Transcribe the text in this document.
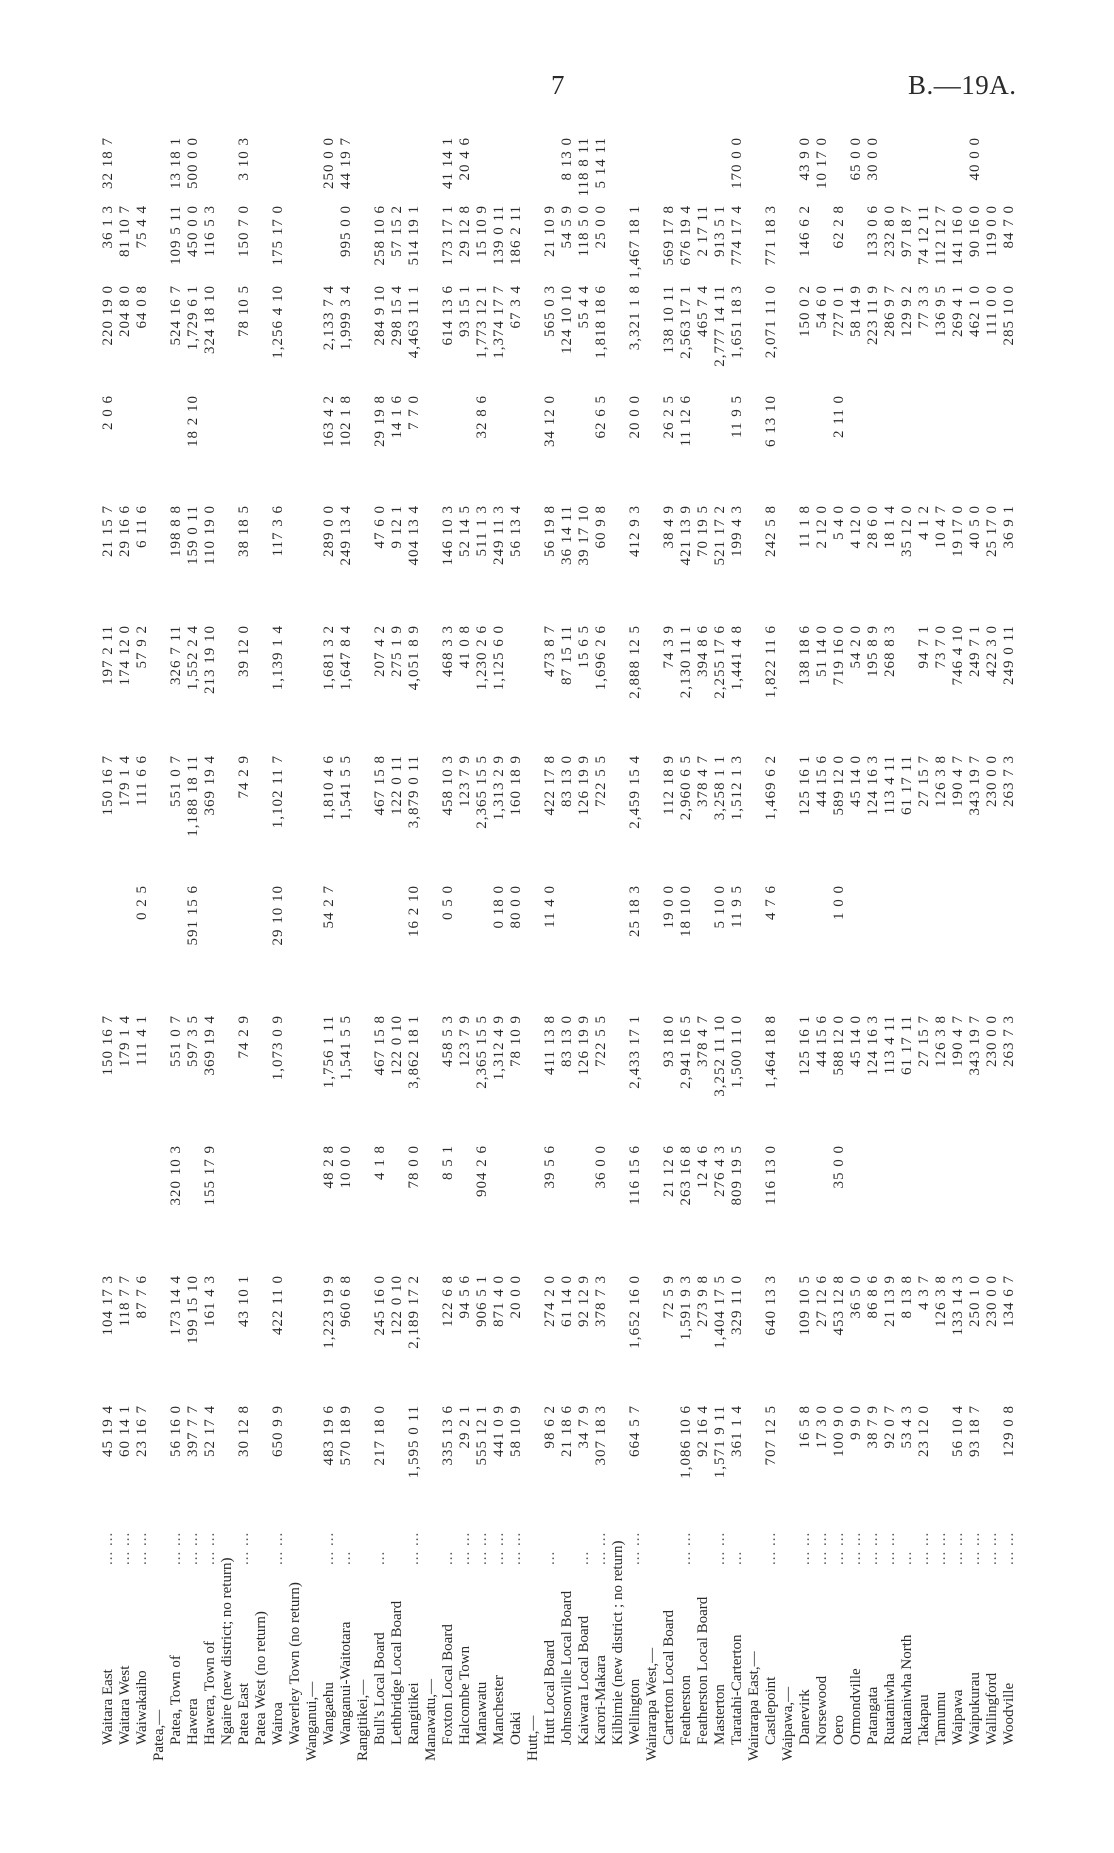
7	B.—19A.
Waitara East
... ...
45 19 4
104 17 3
150 16 7
150 16 7
197 2 11
21 15 7
2 0 6
220 19 0
36 1 3
32 18 7
Waitara West
... ...
60 14 1
118 7 7
179 1 4
179 1 4
174 12 0
29 16 6
204 8 0
81 10 7
Waiwakaiho
... ...
23 16 7
87 7 6
111 4 1
0 2 5
111 6 6
57 9 2
6 11 6
64 0 8
75 4 4
Patea,— Patea, Town of
... ...
56 16 0
173 14 4
320 10 3
551 0 7
551 0 7
326 7 11
198 8 8
524 16 7
109 5 11
13 18 1
Hawera
... ...
397 7 7
199 15 10
597 3 5
591 15 6
1,188 18 11
1,552 2 4
159 0 11
18 2 10
1,729 6 1
450 0 0
500 0 0
Hawera, Town of
... ...
52 17 4
161 4 3
155 17 9
369 19 4
369 19 4
213 19 10
110 19 0
324 18 10
116 5 3
Ngaire (new district; no return) Patea East
... ...
30 12 8
43 10 1
74 2 9
74 2 9
39 12 0
38 18 5
78 10 5
150 7 0
3 10 3
Patea West (no return) Wairoa
... ...
650 9 9
422 11 0
1,073 0 9
29 10 10
1,102 11 7
1,139 1 4
117 3 6
1,256 4 10
175 17 0
Waverley Town (no return) Wanganui,— Wangaehu
... ...
483 19 6
1,223 19 9
48 2 8
1,756 1 11
54 2 7
1,810 4 6
1,681 3 2
289 0 0
163 4 2
2,133 7 4
250 0 0
Wanganui-Waitotara
...
570 18 9
960 6 8
10 0 0
1,541 5 5
1,541 5 5
1,647 8 4
249 13 4
102 1 8
1,999 3 4
995 0 0
44 19 7
Rangitikei,— Bull's Local Board
...
217 18 0
245 16 0
4 1 8
467 15 8
467 15 8
207 4 2
47 6 0
29 19 8
284 9 10
258 10 6
Lethbridge Local Board
122 0 10
122 0 10
122 0 11
275 1 9
9 12 1
14 1 6
298 15 4
57 15 2
Rangitikei
... ...
1,595 0 11
2,189 17 2
78 0 0
3,862 18 1
16 2 10
3,879 0 11
4,051 8 9
404 13 4
7 7 0
4,463 11 1
514 19 1
Manawatu,— Foxton Local Board
...
335 13 6
122 6 8
8 5 1
458 5 3
0 5 0
458 10 3
468 3 3
146 10 3
614 13 6
173 17 1
41 14 1
Halcombe Town
... ...
29 2 1
94 5 6
123 7 9
123 7 9
41 0 8
52 14 5
93 15 1
29 12 8
20 4 6
Manawatu
... ...
555 12 1
906 5 1
904 2 6
2,365 15 5
2,365 15 5
1,230 2 6
511 1 3
32 8 6
1,773 12 1
15 10 9
Manchester
... ...
441 0 9
871 4 0
1,312 4 9
0 18 0
1,313 2 9
1,125 6 0
249 11 3
1,374 17 7
139 0 11
Otaki
... ...
58 10 9
20 0 0
78 10 9
80 0 0
160 18 9
56 13 4
67 3 4
186 2 11
Hutt,— Hutt Local Board
...
98 6 2
274 2 0
39 5 6
411 13 8
11 4 0
422 17 8
473 8 7
56 19 8
34 12 0
565 0 3
21 10 9
Johnsonville Local Board
21 18 6
61 14 0
83 13 0
83 13 0
87 15 11
36 14 11
124 10 10
54 5 9
8 13 0
Kaiwara Local Board
...
34 7 9
92 12 9
126 19 9
126 19 9
15 6 5
39 17 10
55 4 4
118 5 0
118 8 11
Karori-Makara
... ...
307 18 3
378 7 3
36 0 0
722 5 5
722 5 5
1,696 2 6
60 9 8
62 6 5
1,818 18 6
25 0 0
5 14 11
Kilbirnie (new district ; no return) Wellington
... ...
664 5 7
1,652 16 0
116 15 6
2,433 17 1
25 18 3
2,459 15 4
2,888 12 5
412 9 3
20 0 0
3,321 1 8
1,467 18 1
Wairarapa West,— Carterton Local Board
72 5 9
21 12 6
93 18 0
19 0 0
112 18 9
74 3 9
38 4 9
26 2 5
138 10 11
569 17 8
Featherston
... ...
1,086 10 6
1,591 9 3
263 16 8
2,941 16 5
18 10 0
2,960 6 5
2,130 11 1
421 13 9
11 12 6
2,563 17 1
676 19 4
Featherston Local Board
92 16 4
273 9 8
12 4 6
378 4 7
378 4 7
394 8 6
70 19 5
465 7 4
2 17 11
Masterton
... ...
1,571 9 11
1,404 17 5
276 4 3
3,252 11 10
5 10 0
3,258 1 1
2,255 17 6
521 17 2
2,777 14 11
913 5 1
Taratahi-Carterton
...
361 1 4
329 11 0
809 19 5
1,500 11 0
11 9 5
1,512 1 3
1,441 4 8
199 4 3
11 9 5
1,651 18 3
774 17 4
170 0 0
Wairarapa East,— Castlepoint
... ...
707 12 5
640 13 3
116 13 0
1,464 18 8
4 7 6
1,469 6 2
1,822 11 6
242 5 8
6 13 10
2,071 11 0
771 18 3
Waipawa,— Danevirk
... ...
16 5 8
109 10 5
125 16 1
125 16 1
138 18 6
11 1 8
150 0 2
146 6 2
43 9 0
Norsewood
... ...
17 3 0
27 12 6
44 15 6
44 15 6
51 14 0
2 12 0
54 6 0
10 17 0
Oero
... ...
100 9 0
453 12 8
35 0 0
588 12 0
1 0 0
589 12 0
719 16 0
5 4 0
2 11 0
727 0 1
62 2 8
Ormondville
... ...
9 9 0
36 5 0
45 14 0
45 14 0
54 2 0
4 12 0
58 14 9
65 0 0
Patangata
... ...
38 7 9
86 8 6
124 16 3
124 16 3
195 8 9
28 6 0
223 11 9
133 0 6
30 0 0
Ruataniwha
... ...
92 0 7
21 13 9
113 4 11
113 4 11
268 8 3
18 1 4
286 9 7
232 8 0
Ruataniwha North
...
53 4 3
8 13 8
61 17 11
61 17 11
35 12 0
129 9 2
97 18 7
Takapau
... ...
23 12 0
4 3 7
27 15 7
27 15 7
94 7 1
4 1 2
77 3 3
74 12 11
Tamumu
... ...
126 3 8
126 3 8
126 3 8
73 7 0
10 4 7
136 9 5
112 12 7
Waipawa
... ...
56 10 4
133 14 3
190 4 7
190 4 7
746 4 10
19 17 0
269 4 1
141 16 0
Waipukurau
... ...
93 18 7
250 1 0
343 19 7
343 19 7
249 7 1
40 5 0
462 1 0
90 16 0
40 0 0
Wallingford
... ...
230 0 0
230 0 0
230 0 0
422 3 0
25 17 0
111 0 0
119 0 0
Woodville
... ...
129 0 8
134 6 7
263 7 3
263 7 3
249 0 11
36 9 1
285 10 0
84 7 0
